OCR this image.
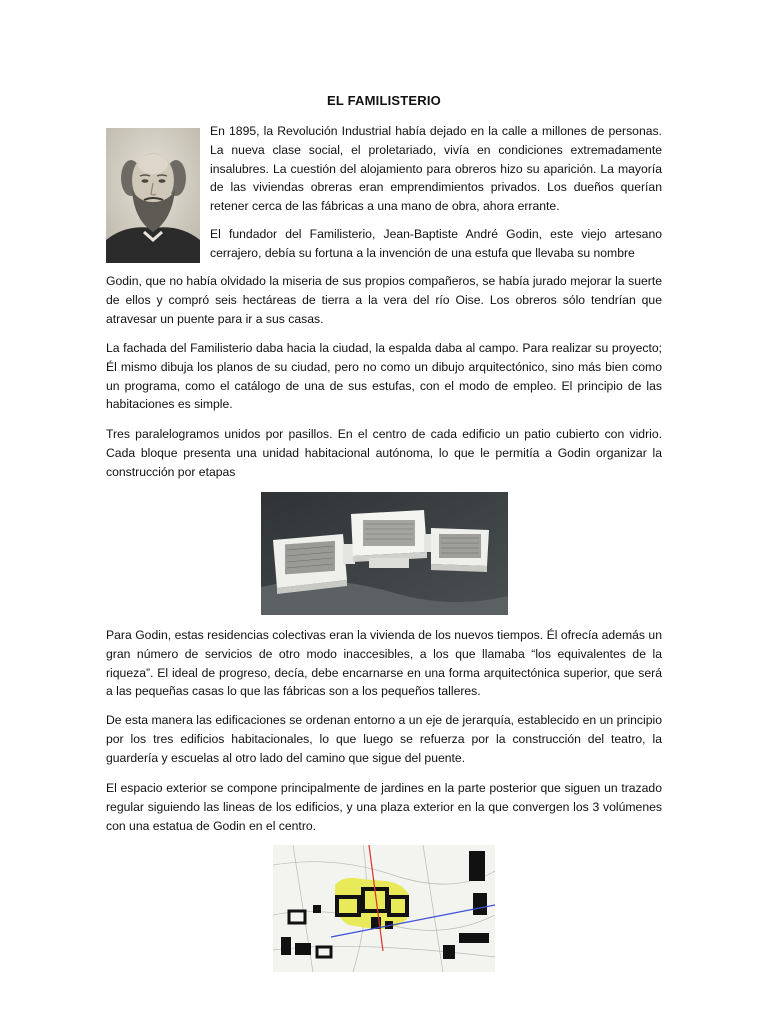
EL FAMILISTERIO

En 1895, la Revolución Industrial había dejado en la calle a millones de personas. La nueva clase social, el proletariado, vivía en condiciones extremadamente insalubres. La cuestión del alojamiento para obreros hizo su aparición. La mayoría de las viviendas obreras eran emprendimientos privados. Los dueños querían retener cerca de las fábricas a una mano de obra, ahora errante.

El fundador del Familisterio, Jean-Baptiste André Godin, este viejo artesano cerrajero, debía su fortuna a la invención de una estufa que llevaba su nombre

Godin, que no había olvidado la miseria de sus propios compañeros, se había jurado mejorar la suerte de ellos y compró seis hectáreas de tierra a la vera del río Oise. Los obreros sólo tendrían que atravesar un puente para ir a sus casas.

La fachada del Familisterio daba hacia la ciudad, la espalda daba al campo. Para realizar su proyecto; Él mismo dibuja los planos de su ciudad, pero no como un dibujo arquitectónico, sino más bien como un programa, como el catálogo de una de sus estufas, con el modo de empleo. El principio de las habitaciones es simple.

Tres paralelogramos unidos por pasillos. En el centro de cada edificio un patio cubierto con vidrio. Cada bloque presenta una unidad habitacional autónoma, lo que le permitía a Godin organizar la construcción por etapas

Para Godin, estas residencias colectivas eran la vivienda de los nuevos tiempos. Él ofrecía además un gran número de servicios de otro modo inaccesibles, a los que llamaba “los equivalentes de la riqueza”. El ideal de progreso, decía, debe encarnarse en una forma arquitectónica superior, que será a las pequeñas casas lo que las fábricas son a los pequeños talleres.

De esta manera las edificaciones se ordenan entorno a un eje de jerarquía, establecido en un principio por los tres edificios habitacionales, lo que luego se refuerza por la construcción del teatro, la guardería y escuelas al otro lado del camino que sigue del puente.

El espacio exterior se compone principalmente de jardines en la parte posterior que siguen un trazado regular siguiendo las lineas de los edificios, y una plaza exterior en la que convergen los 3 volúmenes con una estatua de Godin en el centro.
